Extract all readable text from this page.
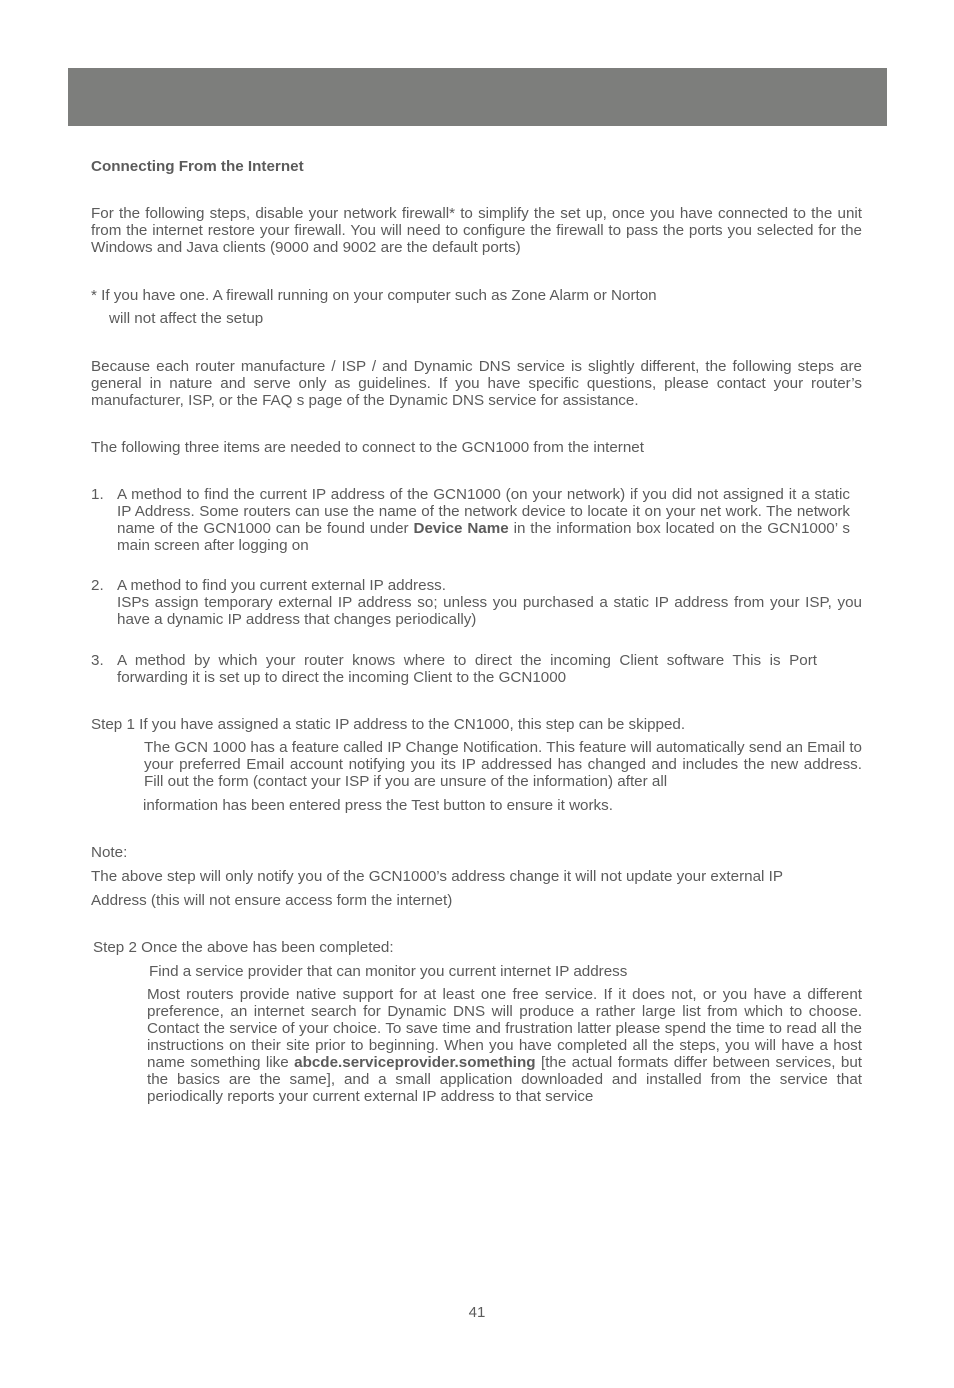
Connecting From the Internet
For the following steps, disable your network firewall* to simplify the set up, once you have connected to the unit from the internet restore your firewall. You will need to configure the firewall to pass the ports you selected for the Windows and Java clients (9000 and 9002 are the default ports)
* If you have one. A firewall running on your computer such as Zone Alarm or Norton
will not affect the setup
Because each router manufacture / ISP / and Dynamic DNS service is slightly different, the following steps are general in nature and serve only as guidelines. If you have specific questions, please contact your router’s manufacturer, ISP, or the FAQ s page of the Dynamic DNS service for assistance.
The following three items are needed to connect to the GCN1000 from the internet
1. A method to find the current IP address of the GCN1000 (on your network) if you did not assigned it a static IP Address. Some routers can use the name of the network device to locate it on your net work. The network name of the GCN1000 can be found under Device Name in the information box located on the GCN1000’ s main screen after logging on
2. A method to find you current external IP address.
ISPs assign temporary external IP address so; unless you purchased a static IP address from your ISP, you have a dynamic IP address that changes periodically)
3. A method by which your router knows where to direct the incoming Client software This is Port forwarding it is set up to direct the incoming Client to the GCN1000
Step 1 If you have assigned a static IP address to the CN1000, this step can be skipped.
The GCN 1000 has a feature called IP Change Notification. This feature will automatically send an Email to your preferred Email account notifying you its IP addressed has changed and includes the new address. Fill out the form (contact your ISP if you are unsure of the information) after all
information has been entered press the Test button to ensure it works.
Note:
The above step will only notify you of the GCN1000’s address change it will not update your external IP
Address (this will not ensure access form the internet)
Step 2 Once the above has been completed:
Find a service provider that can monitor you current internet IP address
Most routers provide native support for at least one free service. If it does not, or you have a different preference, an internet search for Dynamic DNS will produce a rather large list from which to choose. Contact the service of your choice. To save time and frustration latter please spend the time to read all the instructions on their site prior to beginning. When you have completed all the steps, you will have a host name something like abcde.serviceprovider.something [the actual formats differ between services, but the basics are the same], and a small application downloaded and installed from the service that periodically reports your current external IP address to that service
41
